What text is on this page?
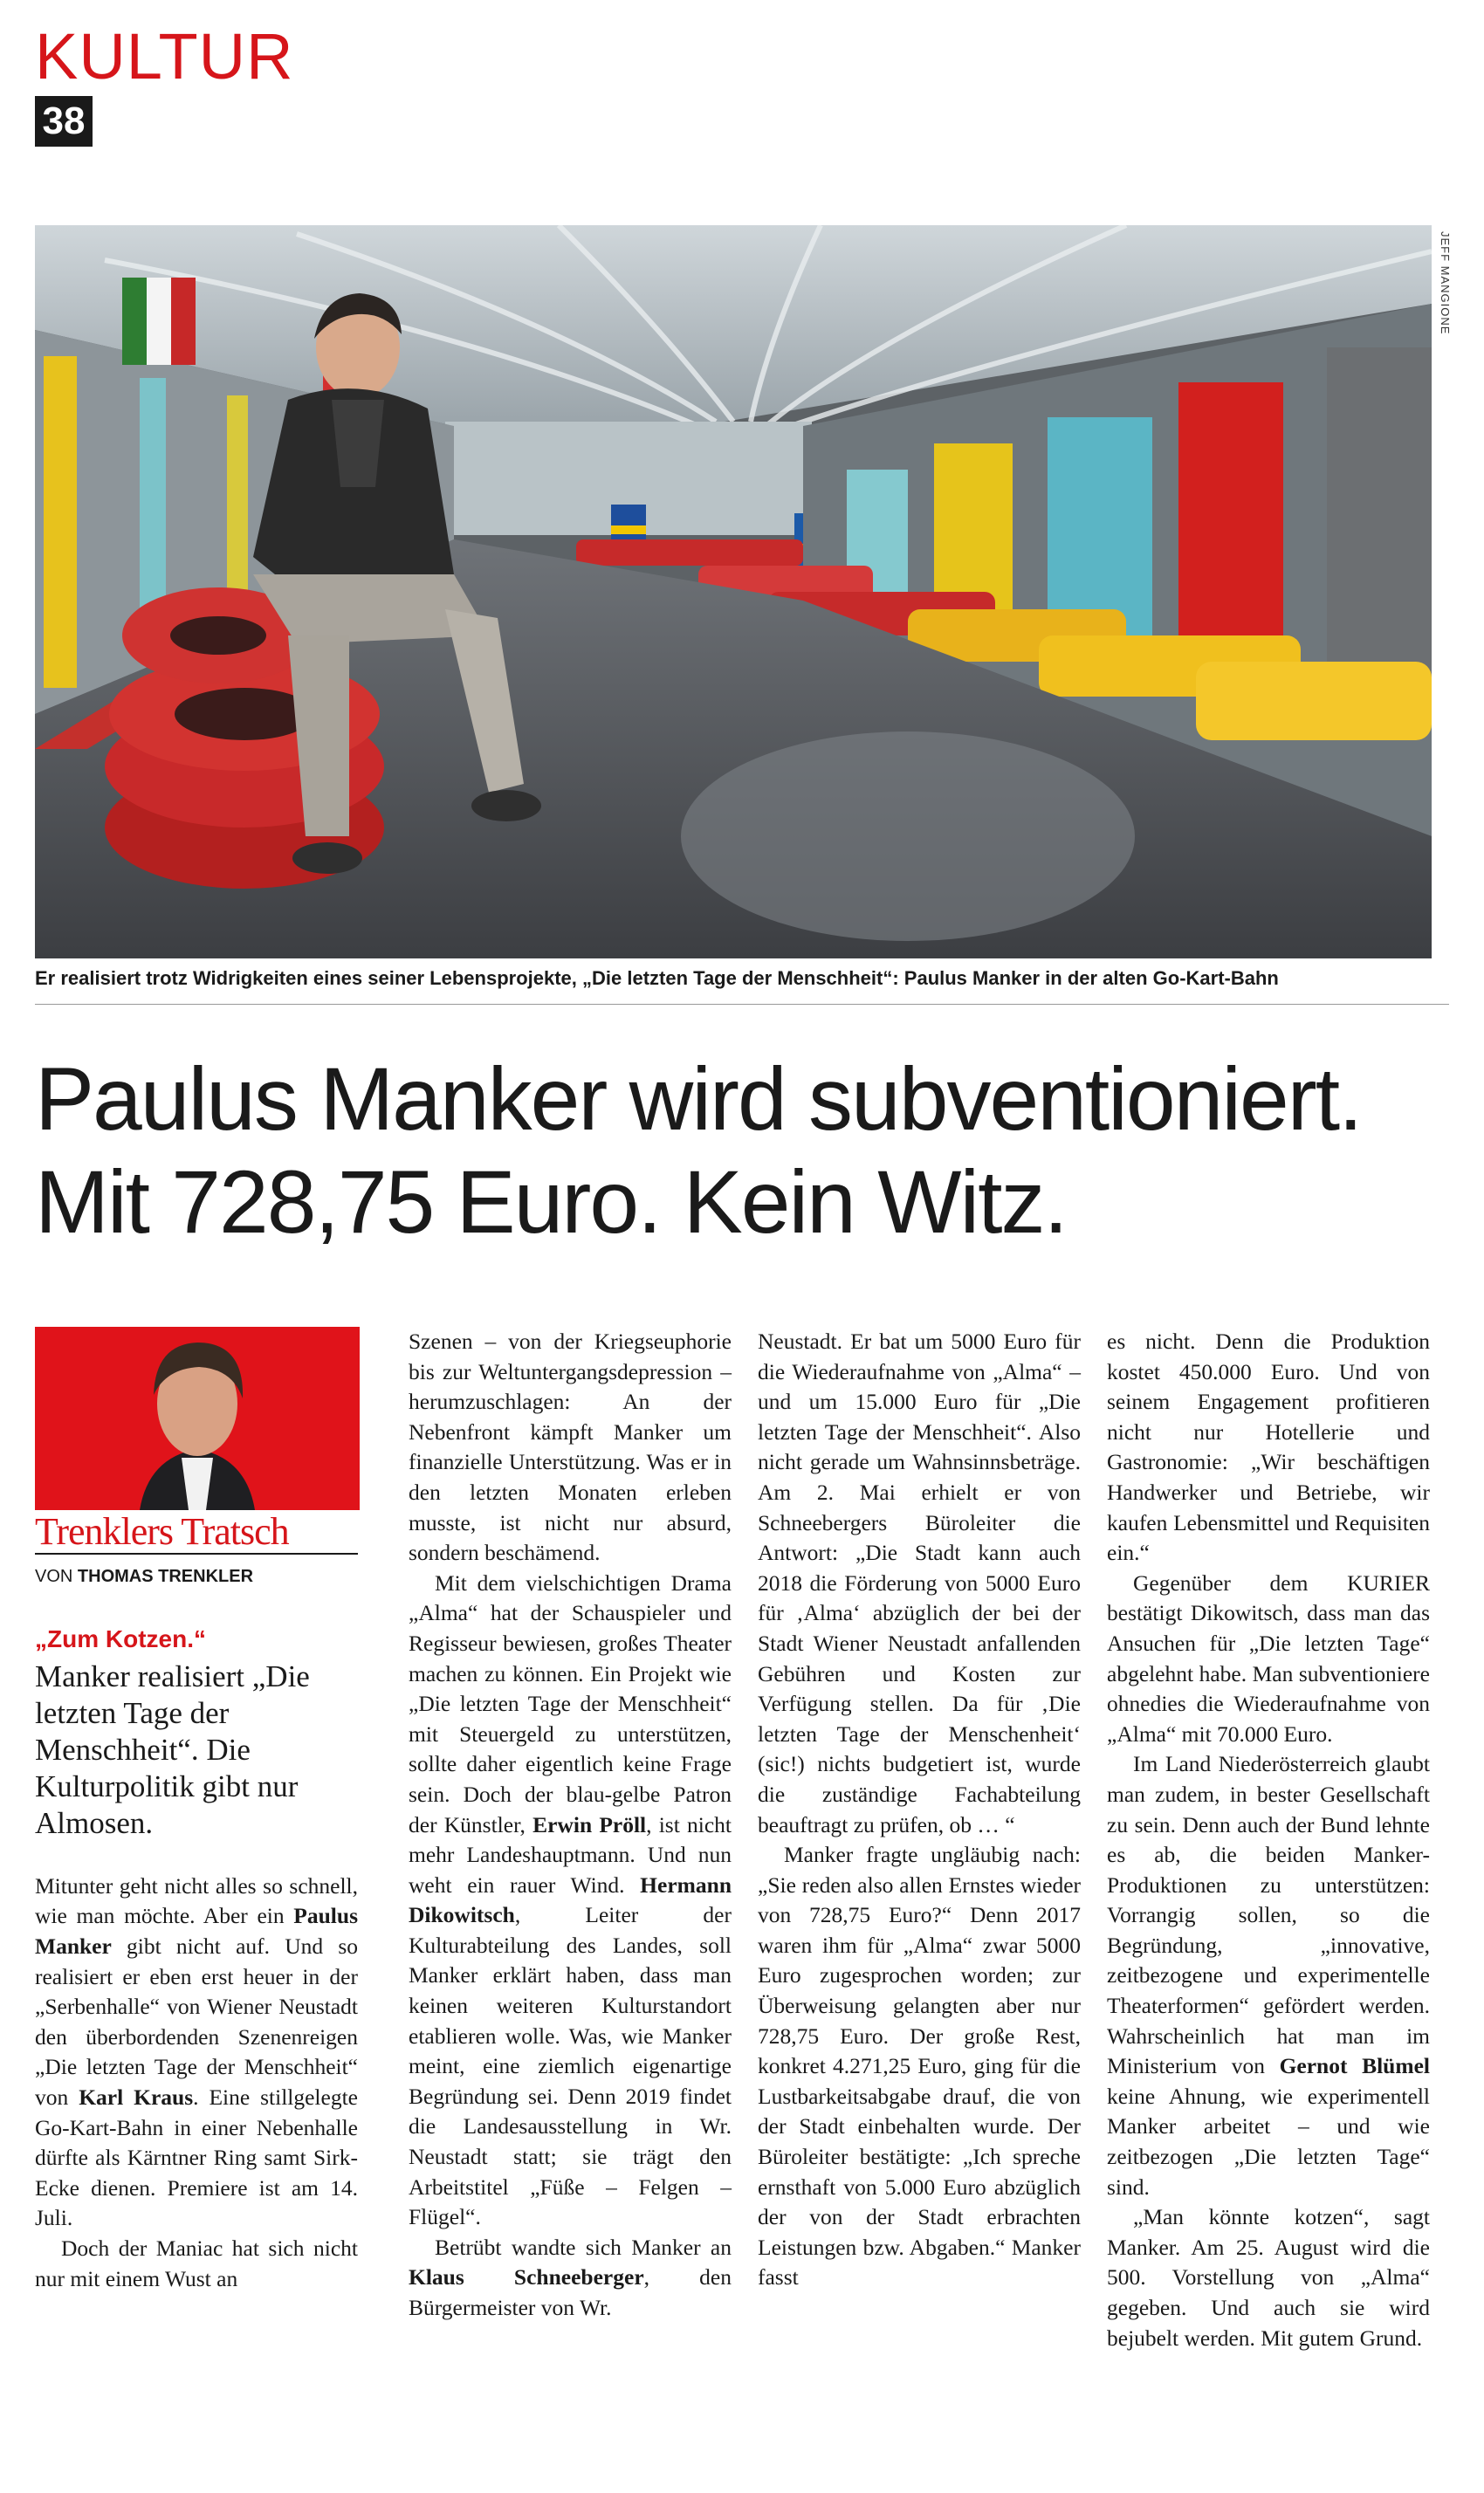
KULTUR
38
JEFF MANGIONE
Er realisiert trotz Widrigkeiten eines seiner Lebensprojekte, „Die letzten Tage der Menschheit“: Paulus Manker in der alten Go-Kart-Bahn
Paulus Manker wird subventioniert.
Mit 728,75 Euro. Kein Witz.
Trenklers Tratsch
VON THOMAS TRENKLER
„Zum Kotzen.“
Manker realisiert „Die letzten Tage der Menschheit“. Die Kulturpolitik gibt nur Almosen.

Mitunter geht nicht alles so schnell, wie man möchte. Aber ein Paulus Manker gibt nicht auf. Und so realisiert er eben erst heuer in der „Serbenhalle“ von Wiener Neustadt den überbordenden Szenenreigen „Die letzten Tage der Menschheit“ von Karl Kraus. Eine stillgelegte Go-Kart-Bahn in einer Nebenhalle dürfte als Kärntner Ring samt Sirk-Ecke dienen. Premiere ist am 14. Juli.

Doch der Maniac hat sich nicht nur mit einem Wust an

Szenen – von der Kriegseuphorie bis zur Weltuntergangsdepression – herumzuschlagen: An der Nebenfront kämpft Manker um finanzielle Unterstützung. Was er in den letzten Monaten erleben musste, ist nicht nur absurd, sondern beschämend.

Mit dem vielschichtigen Drama „Alma“ hat der Schauspieler und Regisseur bewiesen, großes Theater machen zu können. Ein Projekt wie „Die letzten Tage der Menschheit“ mit Steuergeld zu unterstützen, sollte daher eigentlich keine Frage sein. Doch der blau-gelbe Patron der Künstler, Erwin Pröll, ist nicht mehr Landeshauptmann. Und nun weht ein rauer Wind. Hermann Dikowitsch, Leiter der Kulturabteilung des Landes, soll Manker erklärt haben, dass man keinen weiteren Kulturstandort etablieren wolle. Was, wie Manker meint, eine ziemlich eigenartige Begründung sei. Denn 2019 findet die Landesausstellung in Wr. Neustadt statt; sie trägt den Arbeitstitel „Füße – Felgen – Flügel“.

Betrübt wandte sich Manker an Klaus Schneeberger, den Bürgermeister von Wr.

Neustadt. Er bat um 5000 Euro für die Wiederaufnahme von „Alma“ – und um 15.000 Euro für „Die letzten Tage der Menschheit“. Also nicht gerade um Wahnsinnsbeträge. Am 2. Mai erhielt er von Schneebergers Büroleiter die Antwort: „Die Stadt kann auch 2018 die Förderung von 5000 Euro für ‚Alma‘ abzüglich der bei der Stadt Wiener Neustadt anfallenden Gebühren und Kosten zur Verfügung stellen. Da für ‚Die letzten Tage der Menschenheit‘ (sic!) nichts budgetiert ist, wurde die zuständige Fachabteilung beauftragt zu prüfen, ob … “

Manker fragte ungläubig nach: „Sie reden also allen Ernstes wieder von 728,75 Euro?“ Denn 2017 waren ihm für „Alma“ zwar 5000 Euro zugesprochen worden; zur Überweisung gelangten aber nur 728,75 Euro. Der große Rest, konkret 4.271,25 Euro, ging für die Lustbarkeitsabgabe drauf, die von der Stadt einbehalten wurde. Der Büroleiter bestätigte: „Ich spreche ernsthaft von 5.000 Euro abzüglich der von der Stadt erbrachten Leistungen bzw. Abgaben.“ Manker fasst

es nicht. Denn die Produktion kostet 450.000 Euro. Und von seinem Engagement profitieren nicht nur Hotellerie und Gastronomie: „Wir beschäftigen Handwerker und Betriebe, wir kaufen Lebensmittel und Requisiten ein.“

Gegenüber dem KURIER bestätigt Dikowitsch, dass man das Ansuchen für „Die letzten Tage“ abgelehnt habe. Man subventioniere ohnedies die Wiederaufnahme von „Alma“ mit 70.000 Euro.

Im Land Niederösterreich glaubt man zudem, in bester Gesellschaft zu sein. Denn auch der Bund lehnte es ab, die beiden Manker-Produktionen zu unterstützen: Vorrangig sollen, so die Begründung, „innovative, zeitbezogene und experimentelle Theaterformen“ gefördert werden. Wahrscheinlich hat man im Ministerium von Gernot Blümel keine Ahnung, wie experimentell Manker arbeitet – und wie zeitbezogen „Die letzten Tage“ sind.

„Man könnte kotzen“, sagt Manker. Am 25. August wird die 500. Vorstellung von „Alma“ gegeben. Und auch sie wird bejubelt werden. Mit gutem Grund.
